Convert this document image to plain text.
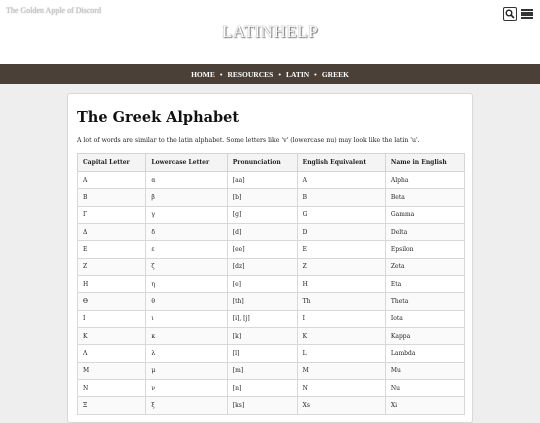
The Golden Apple of Discord
LATINHELP
HOME • RESOURCES • LATIN • GREEK
The Greek Alphabet

A lot of words are similar to the latin alphabet. Some letters like 'v' (lowercase nu) may look like the latin 'u'.

Capital Letter	Lowercase Letter	Pronunciation	English Equivalent	Name in English
Α	α	[aa]	A	Alpha
Β	β	[b]	B	Beta
Γ	γ	[g]	G	Gamma
Δ	δ	[d]	D	Delta
Ε	ε	[ee]	E	Epsilon
Ζ	ζ	[dz]	Z	Zeta
Η	η	[e]	H	Eta
Θ	θ	[th]	Th	Theta
Ι	ι	[i], [j]	I	Iota
Κ	κ	[k]	K	Kappa
Λ	λ	[l]	L	Lambda
Μ	μ	[m]	M	Mu
Ν	ν	[n]	N	Nu
Ξ	ξ	[ks]	Xs	Xi
